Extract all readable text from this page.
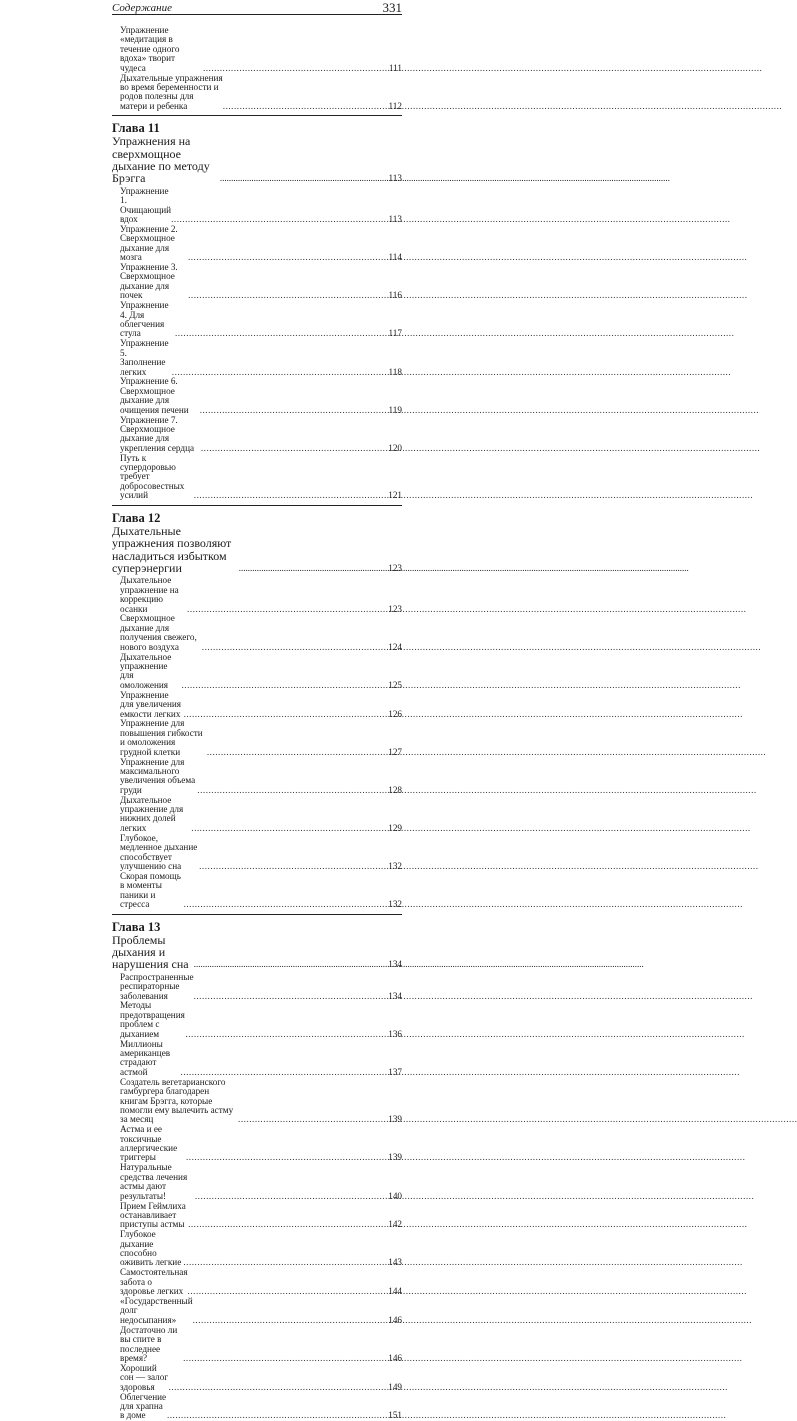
Содержание	331
Упражнение «медитация в течение одного вдоха» творит чудеса .....	111
Дыхательные упражнения во время беременности и родов полезны для матери и ребенка .....	112
Глава 11
Упражнения на сверхмощное дыхание по методу Брэгга .....	113
Упражнение 1. Очищающий вдох .....	113
Упражнение 2. Сверхмощное дыхание для мозга .....	114
Упражнение 3. Сверхмощное дыхание для почек .....	116
Упражнение 4. Для облегчения стула .....	117
Упражнение 5. Заполнение легких .....	118
Упражнение 6. Сверхмощное дыхание для очищения печени .....	119
Упражнение 7. Сверхмощное дыхание для укрепления сердца .....	120
Путь к супердоровью требует добросовестных усилий .....	121
Глава 12
Дыхательные упражнения позволяют насладиться избытком суперэнергии .....	123
Дыхательное упражнение на коррекцию осанки .....	123
Сверхмощное дыхание для получения свежего, нового воздуха .....	124
Дыхательное упражнение для омоложения .....	125
Упражнение для увеличения емкости легких .....	126
Упражнение для повышения гибкости и омоложения грудной клетки .....	127
Упражнение для максимального увеличения объема груди .....	128
Дыхательное упражнение для нижних долей легких .....	129
Глубокое, медленное дыхание способствует улучшению сна .....	132
Скорая помощь в моменты паники и стресса .....	132
Глава 13
Проблемы дыхания и нарушения сна .....	134
Распространенные респираторные заболевания .....	134
Методы предотвращения проблем с дыханием .....	136
Миллионы американцев страдают астмой .....	137
Создатель вегетарианского гамбургера благодарен книгам Брэгга, которые помогли ему вылечить астму за месяц .....	139
Астма и ее токсичные аллергические триггеры .....	139
Натуральные средства лечения астмы дают результаты! .....	140
Прием Геймлиха останавливает приступы астмы .....	142
Глубокое дыхание способно оживить легкие .....	143
Самостоятельная забота о здоровье легких .....	144
«Государственный долг недосыпания» .....	146
Достаточно ли вы спите в последнее время? .....	146
Хороший сон — залог здоровья .....	149
Облегчение для храпна в доме .....	151
